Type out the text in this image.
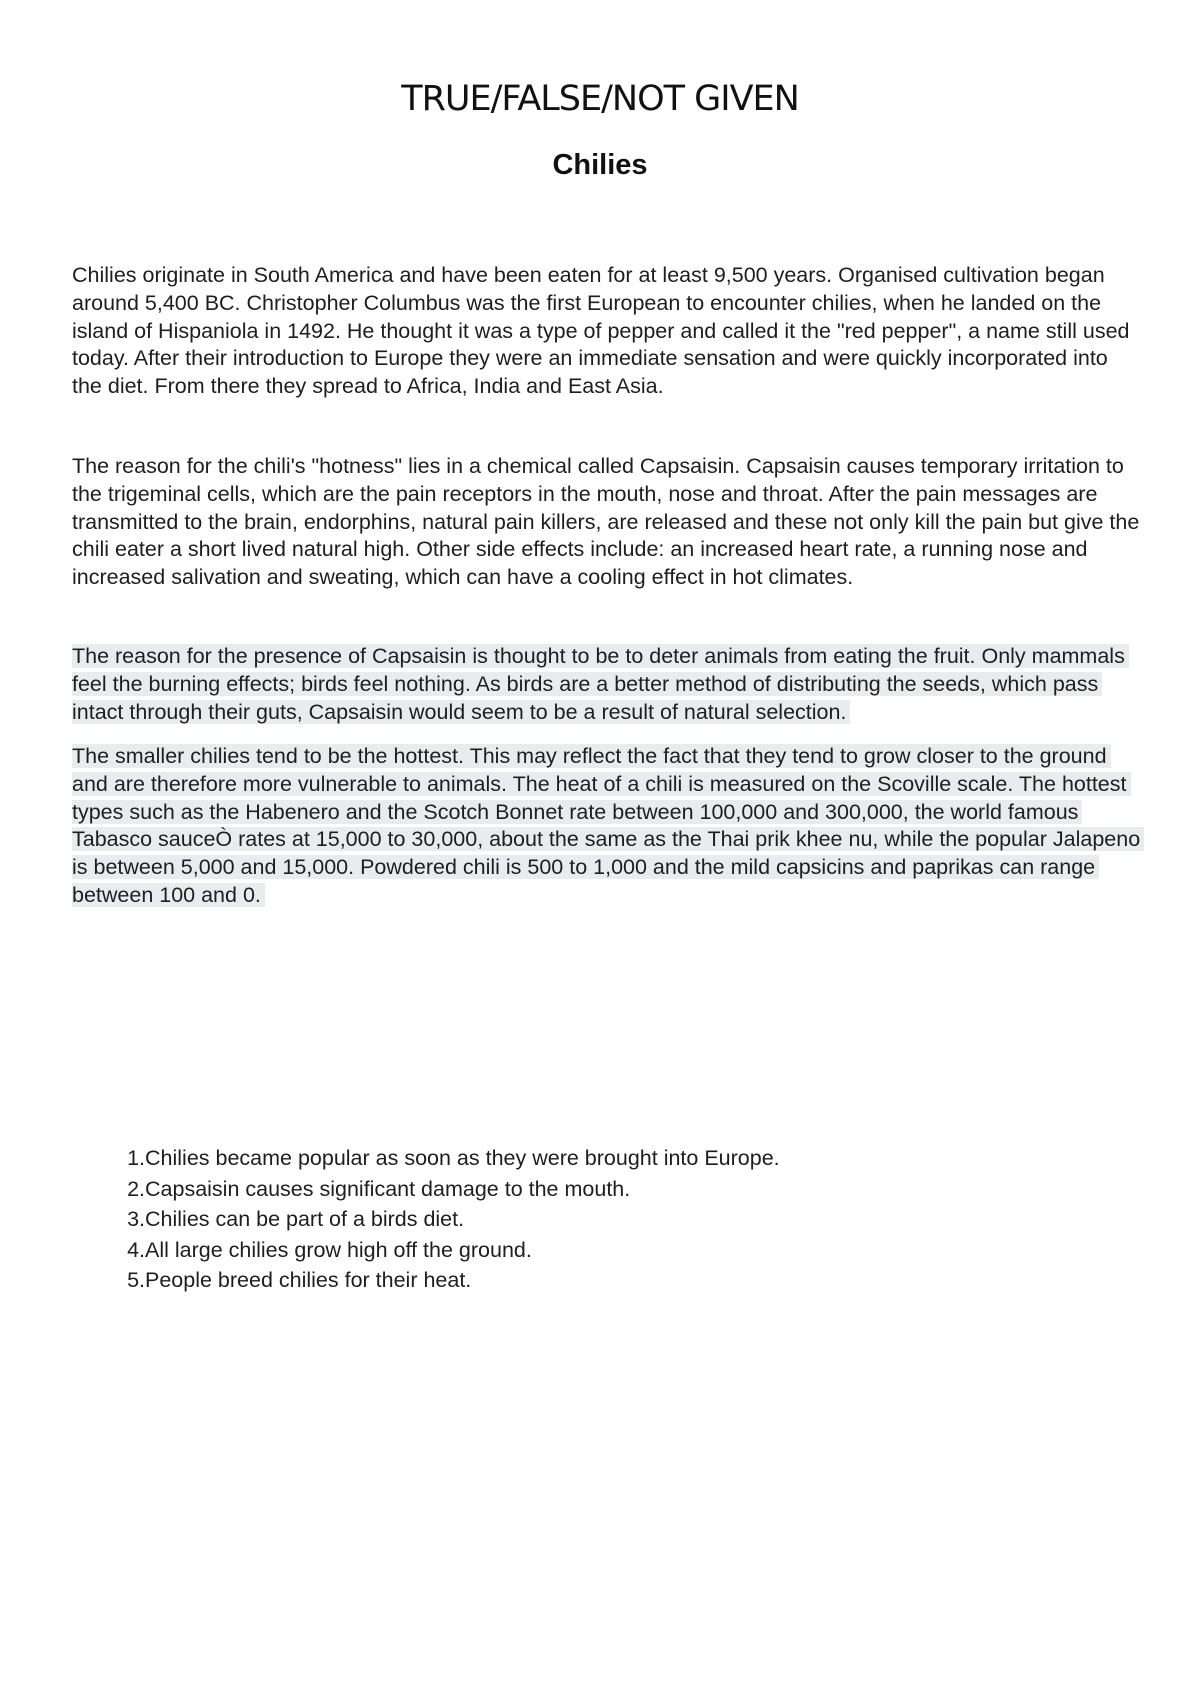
TRUE/FALSE/NOT GIVEN
Chilies

Chilies originate in South America and have been eaten for at least 9,500 years. Organised cultivation began around 5,400 BC. Christopher Columbus was the first European to encounter chilies, when he landed on the island of Hispaniola in 1492. He thought it was a type of pepper and called it the "red pepper", a name still used today. After their introduction to Europe they were an immediate sensation and were quickly incorporated into the diet. From there they spread to Africa, India and East Asia.

The reason for the chili's "hotness" lies in a chemical called Capsaisin. Capsaisin causes temporary irritation to the trigeminal cells, which are the pain receptors in the mouth, nose and throat. After the pain messages are transmitted to the brain, endorphins, natural pain killers, are released and these not only kill the pain but give the chili eater a short lived natural high. Other side effects include: an increased heart rate, a running nose and increased salivation and sweating, which can have a cooling effect in hot climates.

The reason for the presence of Capsaisin is thought to be to deter animals from eating the fruit. Only mammals feel the burning effects; birds feel nothing. As birds are a better method of distributing the seeds, which pass intact through their guts, Capsaisin would seem to be a result of natural selection.

The smaller chilies tend to be the hottest. This may reflect the fact that they tend to grow closer to the ground and are therefore more vulnerable to animals. The heat of a chili is measured on the Scoville scale. The hottest types such as the Habenero and the Scotch Bonnet rate between 100,000 and 300,000, the world famous Tabasco sauceÒ rates at 15,000 to 30,000, about the same as the Thai prik khee nu, while the popular Jalapeno is between 5,000 and 15,000. Powdered chili is 500 to 1,000 and the mild capsicins and paprikas can range between 100 and 0.

1. Chilies became popular as soon as they were brought into Europe.
2. Capsaisin causes significant damage to the mouth.
3. Chilies can be part of a birds diet.
4. All large chilies grow high off the ground.
5. People breed chilies for their heat.
